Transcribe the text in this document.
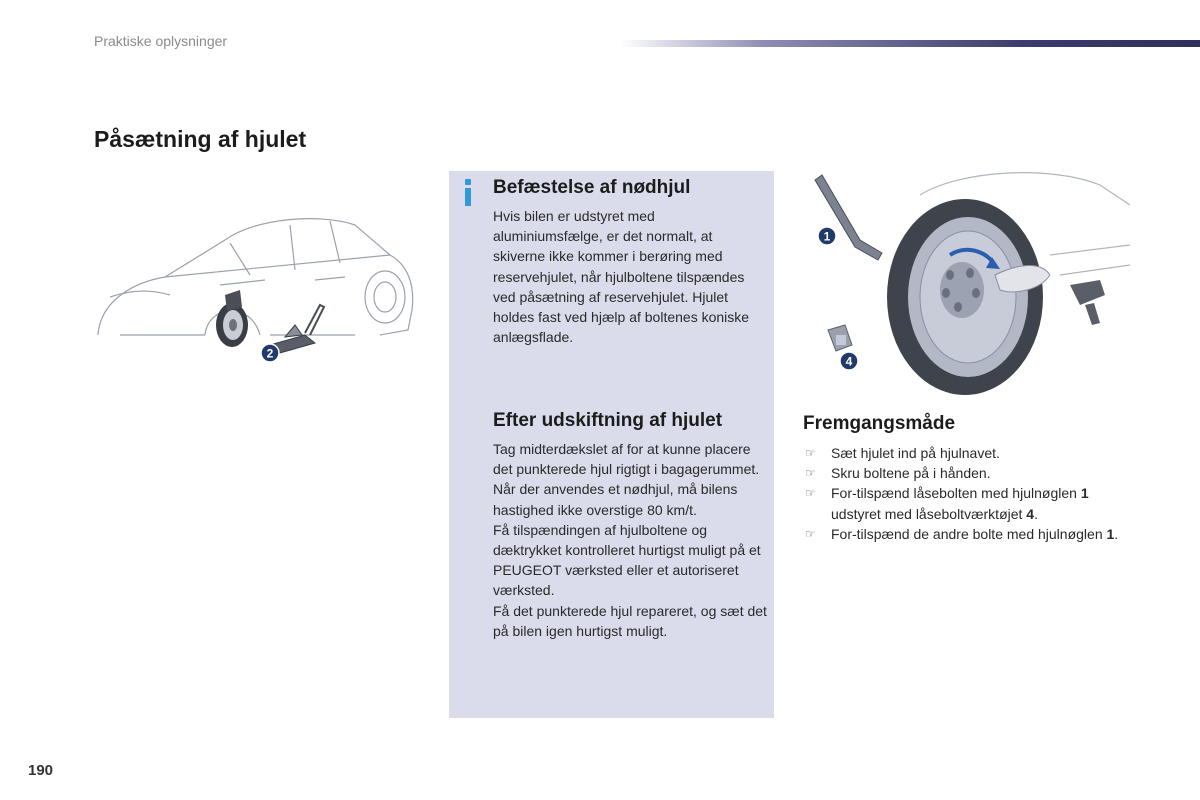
Praktiske oplysninger
Påsætning af hjulet
2
Befæstelse af nødhjul

Hvis bilen er udstyret med aluminiumsfælge, er det normalt, at skiverne ikke kommer i berøring med reservehjulet, når hjulboltene tilspændes ved påsætning af reservehjulet. Hjulet holdes fast ved hjælp af boltenes koniske anlægsflade.

Efter udskiftning af hjulet

Tag midterdækslet af for at kunne placere det punkterede hjul rigtigt i bagagerummet.

Når der anvendes et nødhjul, må bilens hastighed ikke overstige 80 km/t.

Få tilspændingen af hjulboltene og dæktrykket kontrolleret hurtigst muligt på et PEUGEOT værksted eller et autoriseret værksted.

Få det punkterede hjul repareret, og sæt det på bilen igen hurtigst muligt.

1
4
Fremgangsmåde
☞ Sæt hjulet ind på hjulnavet.
☞ Skru boltene på i hånden.
☞ For-tilspænd låsebolten med hjulnøglen 1 udstyret med låseboltværktøjet 4.
☞ For-tilspænd de andre bolte med hjulnøglen 1.
190
